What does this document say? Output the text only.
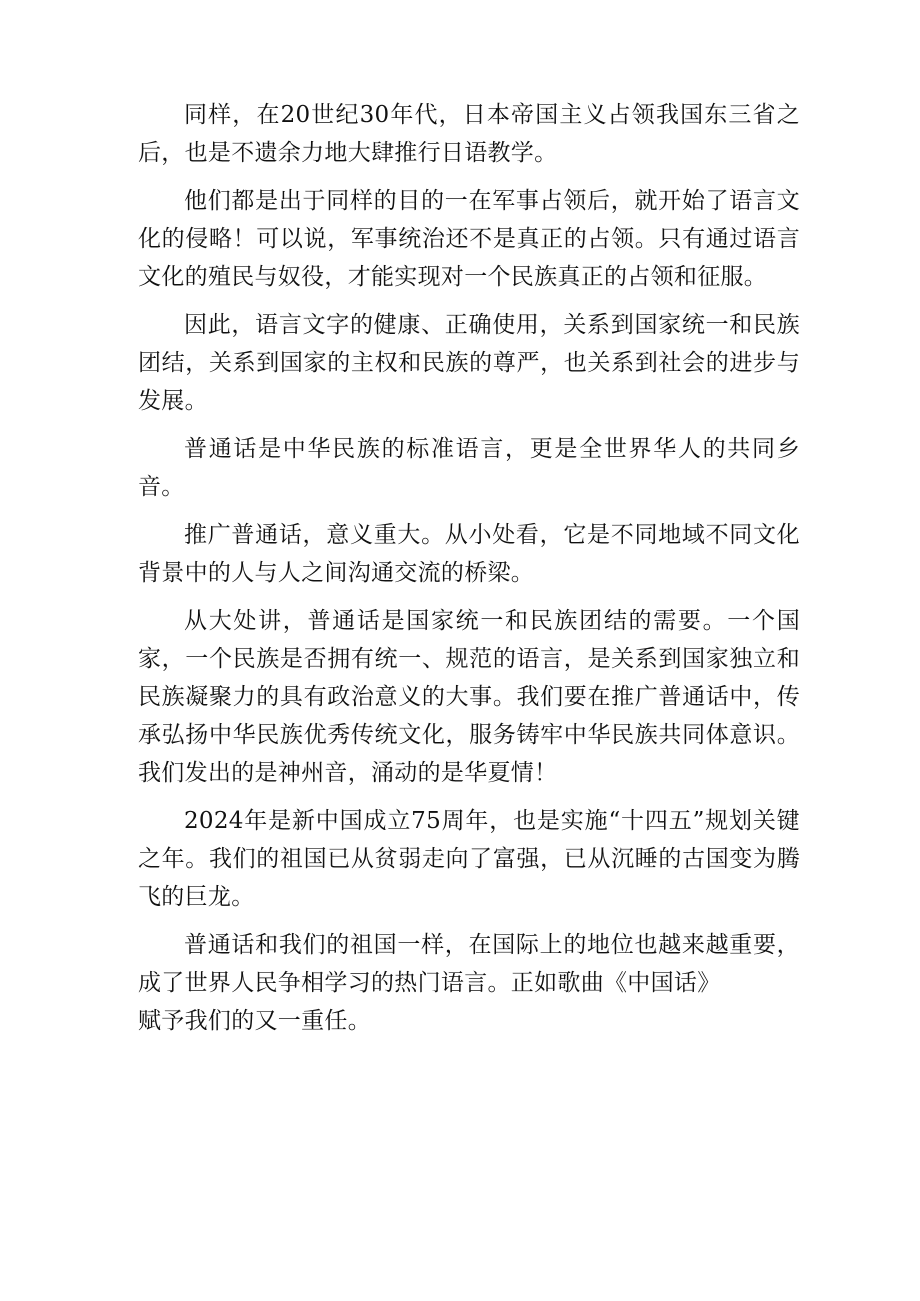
同样，在20世纪30年代，日本帝国主义占领我国东三省之后，也是不遗余力地大肆推行日语教学。

他们都是出于同样的目的一在军事占领后，就开始了语言文化的侵略！可以说，军事统治还不是真正的占领。只有通过语言文化的殖民与奴役，才能实现对一个民族真正的占领和征服。

因此，语言文字的健康、正确使用，关系到国家统一和民族团结，关系到国家的主权和民族的尊严，也关系到社会的进步与发展。

普通话是中华民族的标准语言，更是全世界华人的共同乡音。

推广普通话，意义重大。从小处看，它是不同地域不同文化背景中的人与人之间沟通交流的桥梁。

从大处讲，普通话是国家统一和民族团结的需要。一个国家，一个民族是否拥有统一、规范的语言，是关系到国家独立和民族凝聚力的具有政治意义的大事。我们要在推广普通话中，传承弘扬中华民族优秀传统文化，服务铸牢中华民族共同体意识。我们发出的是神州音，涌动的是华夏情！

2024年是新中国成立75周年，也是实施“十四五”规划关键之年。我们的祖国已从贫弱走向了富强，已从沉睡的古国变为腾飞的巨龙。

普通话和我们的祖国一样，在国际上的地位也越来越重要，成了世界人民争相学习的热门语言。正如歌曲《中国话》

赋予我们的又一重任。
